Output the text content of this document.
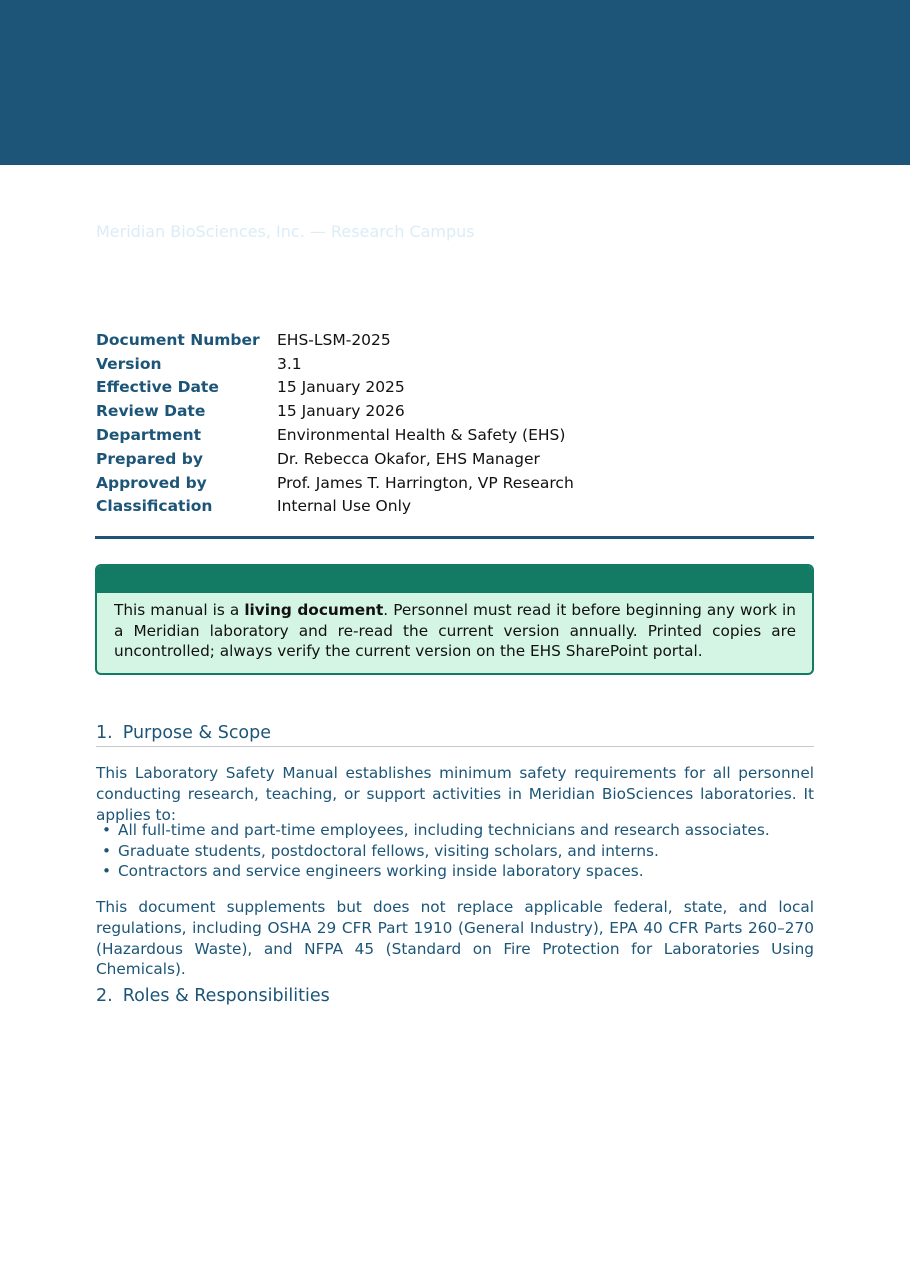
Meridian BioSciences, Inc. — Research Campus
Document Number	EHS-LSM-2025
Version	3.1
Effective Date	15 January 2025
Review Date	15 January 2026
Department	Environmental Health & Safety (EHS)
Prepared by	Dr. Rebecca Okafor, EHS Manager
Approved by	Prof. James T. Harrington, VP Research
Classification	Internal Use Only
This manual is a living document. Personnel must read it before beginning any work in a Meridian laboratory and re-read the current version annually. Printed copies are uncontrolled; always verify the current version on the EHS SharePoint portal.
1. Purpose & Scope

This Laboratory Safety Manual establishes minimum safety requirements for all personnel conducting research, teaching, or support activities in Meridian BioSciences laboratories. It applies to:

• All full-time and part-time employees, including technicians and research associates.
• Graduate students, postdoctoral fellows, visiting scholars, and interns.
• Contractors and service engineers working inside laboratory spaces.

This document supplements but does not replace applicable federal, state, and local regulations, including OSHA 29 CFR Part 1910 (General Industry), EPA 40 CFR Parts 260–270 (Hazardous Waste), and NFPA 45 (Standard on Fire Protection for Laboratories Using Chemicals).

2. Roles & Responsibilities
